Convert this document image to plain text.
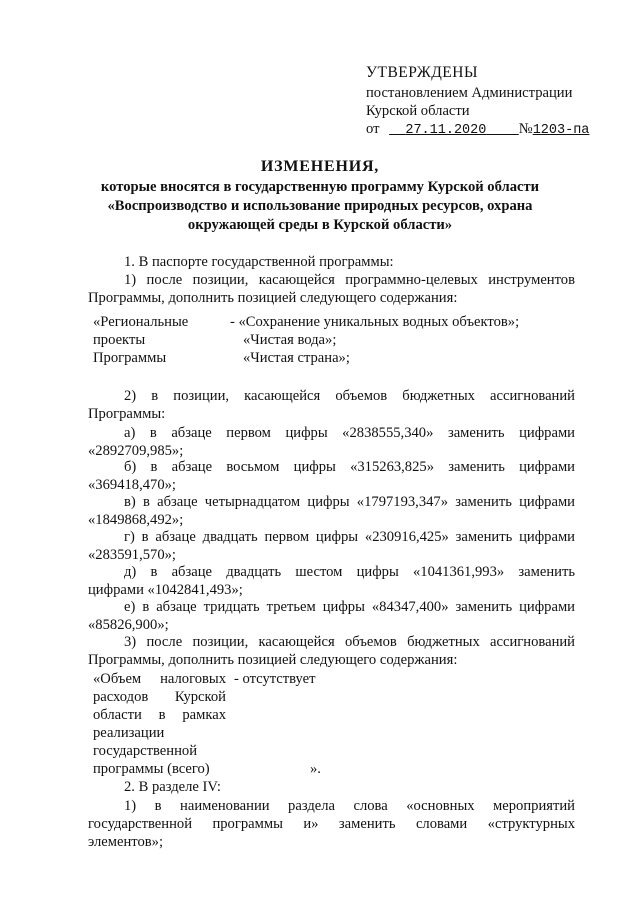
УТВЕРЖДЕНЫ
постановлением Администрации
Курской области
от 27.11.2020 №1203-па
ИЗМЕНЕНИЯ,
которые вносятся в государственную программу Курской области
«Воспроизводство и использование природных ресурсов, охрана
окружающей среды в Курской области»
1. В паспорте государственной программы:
1) после позиции, касающейся программно-целевых инструментов
Программы, дополнить позицией следующего содержания:
«Региональные
проекты
Программы
- «Сохранение уникальных водных объектов»;
«Чистая вода»;
«Чистая страна»;
2) в позиции, касающейся объемов бюджетных ассигнований
Программы:
а) в абзаце первом цифры «2838555,340» заменить цифрами
«2892709,985»;
б) в абзаце восьмом цифры «315263,825» заменить цифрами
«369418,470»;
в) в абзаце четырнадцатом цифры «1797193,347» заменить цифрами
«1849868,492»;
г) в абзаце двадцать первом цифры «230916,425» заменить цифрами
«283591,570»;
д) в абзаце двадцать шестом цифры «1041361,993» заменить
цифрами «1042841,493»;
е) в абзаце тридцать третьем цифры «84347,400» заменить цифрами
«85826,900»;
3) после позиции, касающейся объемов бюджетных ассигнований
Программы, дополнить позицией следующего содержания:
«Объем налоговых
расходов Курской
области в рамках
реализации
государственной
программы (всего)
- отсутствует
».
2. В разделе IV:
1) в наименовании раздела слова «основных мероприятий
государственной программы и» заменить словами «структурных
элементов»;
